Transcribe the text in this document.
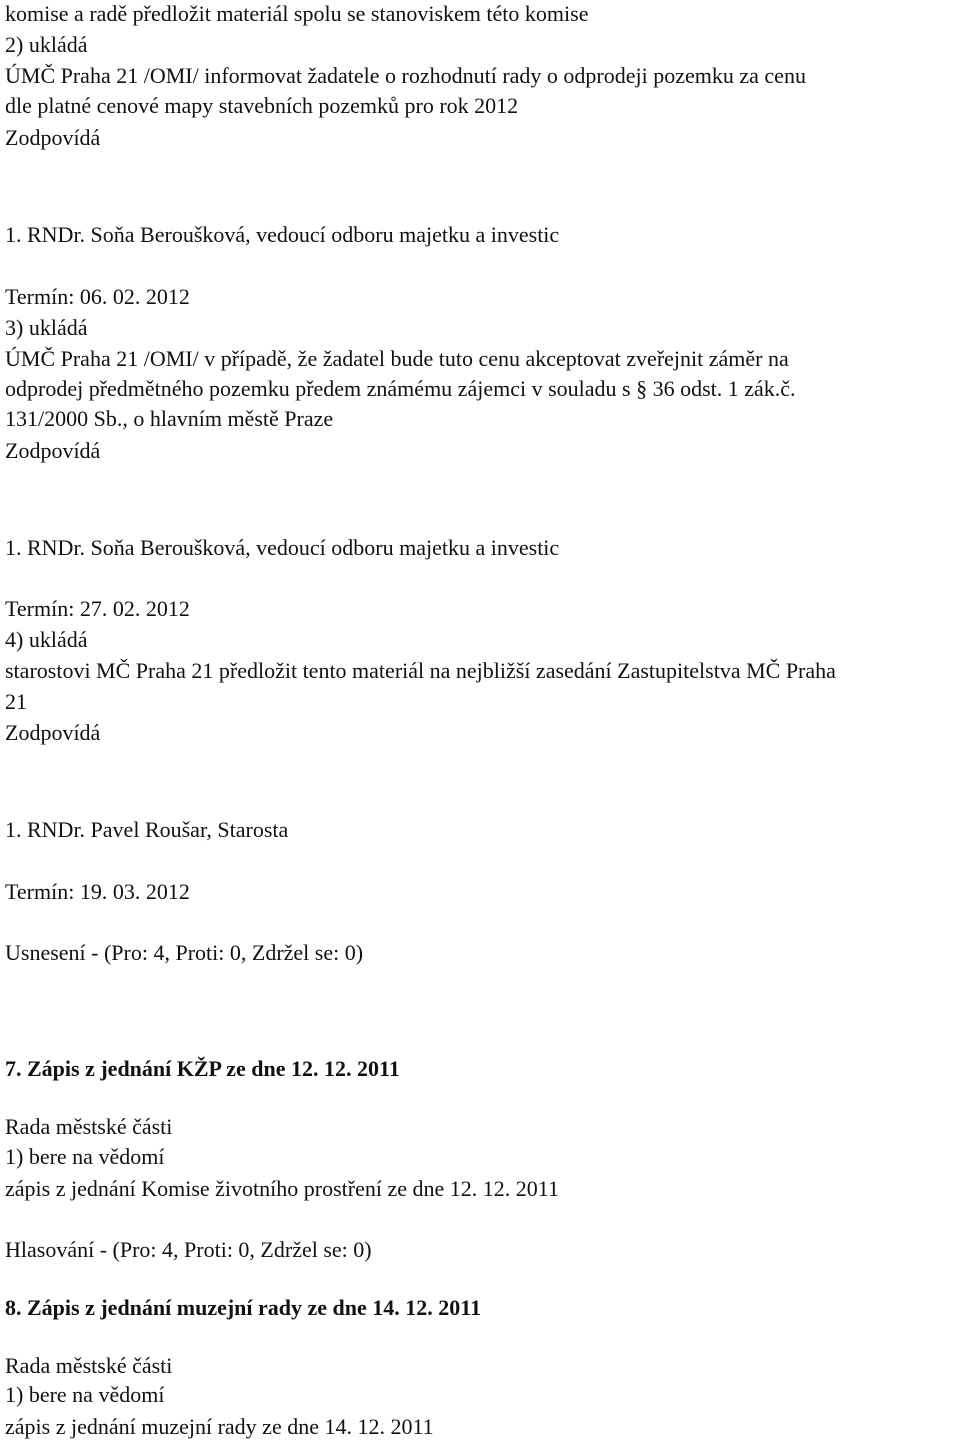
komise a radě předložit materiál spolu se stanoviskem této komise
2) ukládá
ÚMČ Praha 21 /OMI/ informovat žadatele o rozhodnutí rady o odprodeji pozemku za cenu
dle platné cenové mapy stavebních pozemků pro rok 2012
Zodpovídá
1. RNDr. Soňa Beroušková, vedoucí odboru majetku a investic
Termín: 06. 02. 2012
3) ukládá
ÚMČ Praha 21 /OMI/ v případě, že žadatel bude tuto cenu akceptovat zveřejnit záměr na
odprodej předmětného pozemku předem známému zájemci v souladu s § 36 odst. 1 zák.č.
131/2000 Sb., o hlavním městě Praze
Zodpovídá
1. RNDr. Soňa Beroušková, vedoucí odboru majetku a investic
Termín: 27. 02. 2012
4) ukládá
starostovi MČ Praha 21 předložit tento materiál na nejbližší zasedání Zastupitelstva MČ Praha
21
Zodpovídá
1. RNDr. Pavel Roušar, Starosta
Termín: 19. 03. 2012
Usnesení - (Pro: 4, Proti: 0, Zdržel se: 0)
7. Zápis z jednání KŽP ze dne 12. 12. 2011
Rada městské části
1) bere na vědomí
zápis z jednání Komise životního prostření ze dne 12. 12. 2011
Hlasování - (Pro: 4, Proti: 0, Zdržel se: 0)
8. Zápis z jednání muzejní rady ze dne 14. 12. 2011
Rada městské části
1) bere na vědomí
zápis z jednání muzejní rady ze dne 14. 12. 2011
